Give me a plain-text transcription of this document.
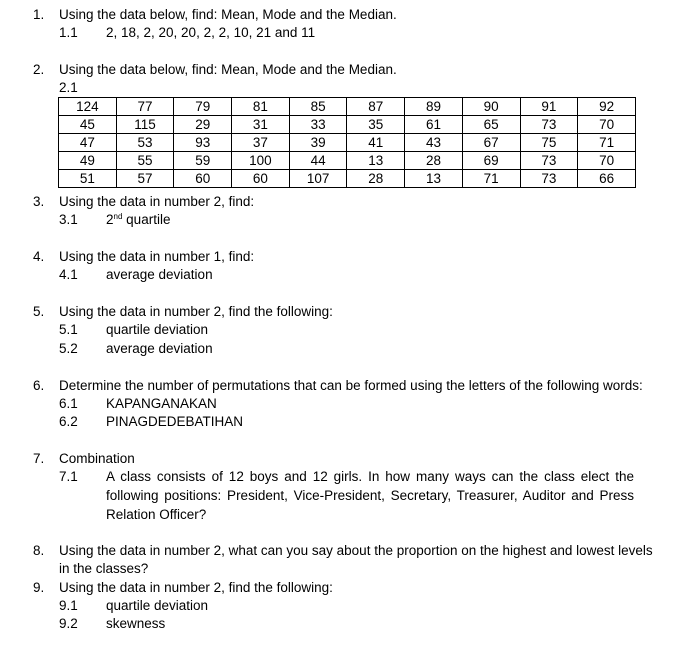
1. Using the data below, find: Mean, Mode and the Median.
1.1 2, 18, 2, 20, 20, 2, 2, 10, 21 and 11
2. Using the data below, find: Mean, Mode and the Median.
2.1
124	77	79	81	85	87	89	90	91	92
45	115	29	31	33	35	61	65	73	70
47	53	93	37	39	41	43	67	75	71
49	55	59	100	44	13	28	69	73	70
51	57	60	60	107	28	13	71	73	66
3. Using the data in number 2, find:
3.1 2nd quartile
4. Using the data in number 1, find:
4.1 average deviation
5. Using the data in number 2, find the following:
5.1 quartile deviation
5.2 average deviation
6. Determine the number of permutations that can be formed using the letters of the following words:
6.1 KAPANGANAKAN
6.2 PINAGDEDEBATIHAN
7. Combination
7.1 A class consists of 12 boys and 12 girls. In how many ways can the class elect the following positions: President, Vice-President, Secretary, Treasurer, Auditor and Press Relation Officer?
8. Using the data in number 2, what can you say about the proportion on the highest and lowest levels
in the classes?
9. Using the data in number 2, find the following:
9.1 quartile deviation
9.2 skewness
